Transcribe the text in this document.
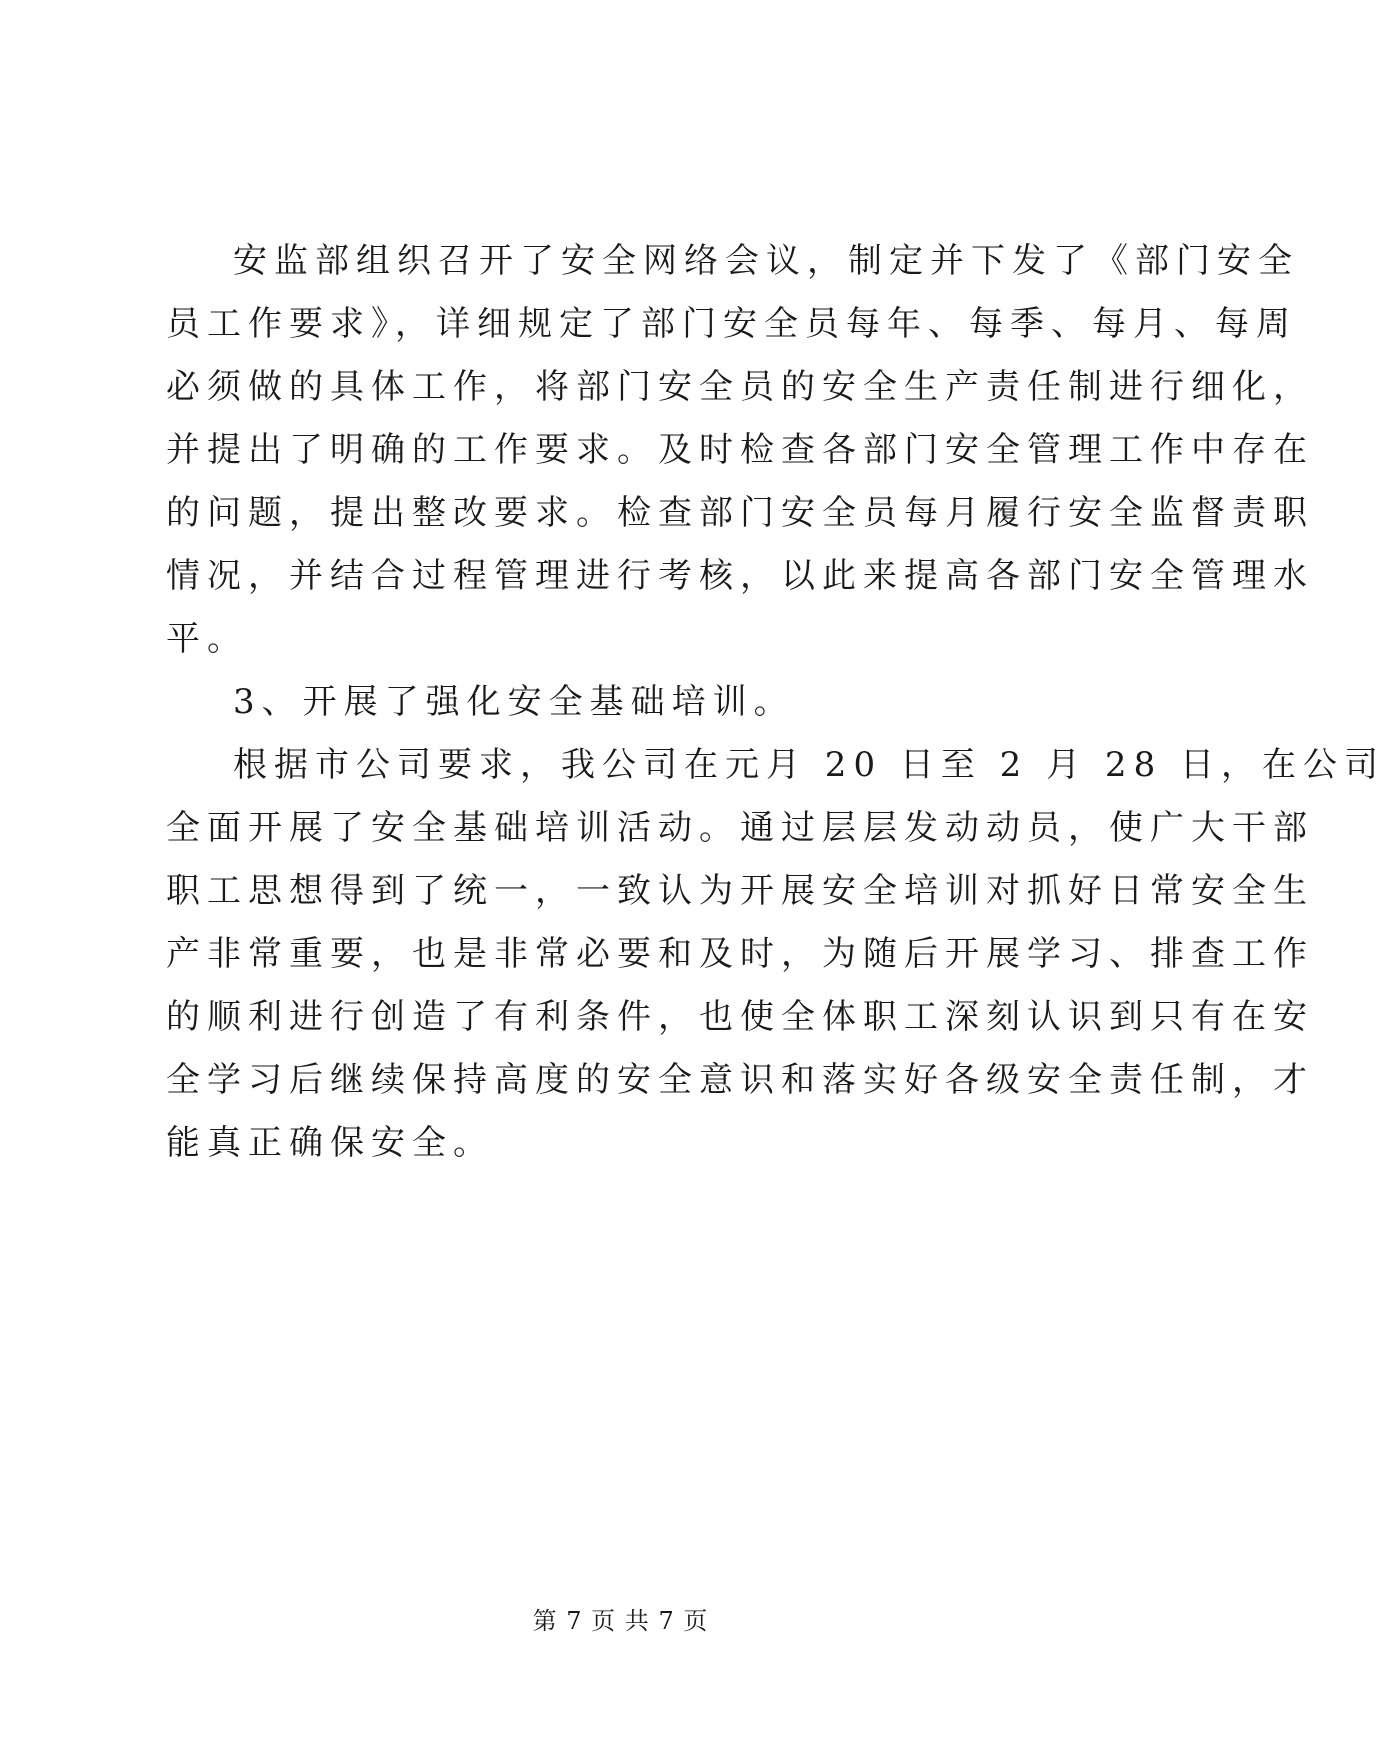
安监部组织召开了安全网络会议，制定并下发了《部门安全
员工作要求》，详细规定了部门安全员每年、每季、每月、每周
必须做的具体工作，将部门安全员的安全生产责任制进行细化，
并提出了明确的工作要求。及时检查各部门安全管理工作中存在
的问题，提出整改要求。检查部门安全员每月履行安全监督责职
情况，并结合过程管理进行考核，以此来提高各部门安全管理水
平。
3、开展了强化安全基础培训。
根据市公司要求，我公司在元月 20 日至 2 月 28 日，在公司
全面开展了安全基础培训活动。通过层层发动动员，使广大干部
职工思想得到了统一，一致认为开展安全培训对抓好日常安全生
产非常重要，也是非常必要和及时，为随后开展学习、排查工作
的顺利进行创造了有利条件，也使全体职工深刻认识到只有在安
全学习后继续保持高度的安全意识和落实好各级安全责任制，才
能真正确保安全。
第 7 页 共 7 页
